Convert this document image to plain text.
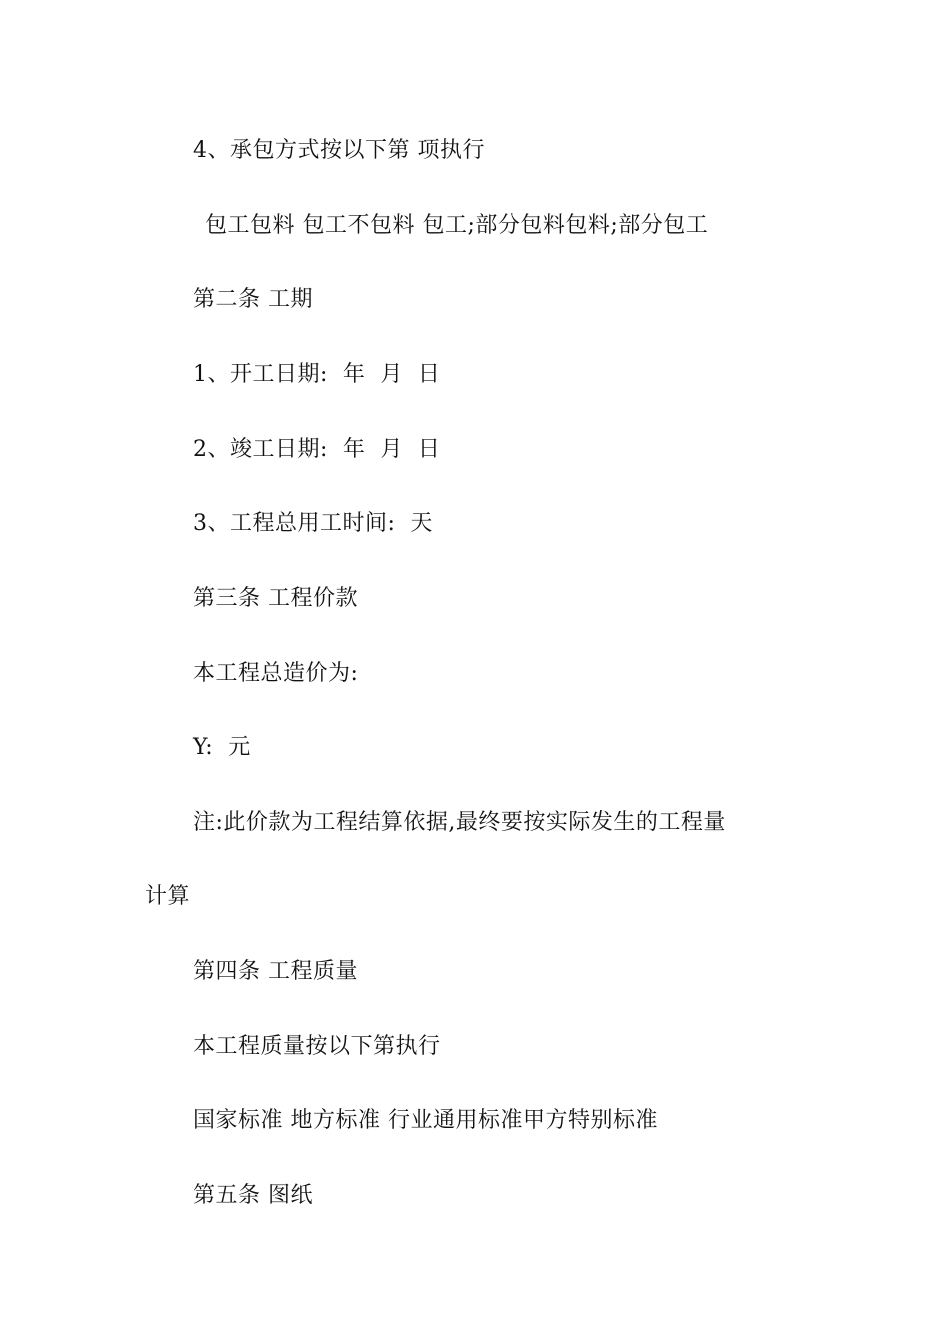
4、承包方式按以下第 项执行
包工包料 包工不包料 包工;部分包料包料;部分包工
第二条 工期
1、开工日期:  年  月  日
2、竣工日期:  年  月  日
3、工程总用工时间:  天
第三条 工程价款
本工程总造价为:
Y:  元
注:此价款为工程结算依据,最终要按实际发生的工程量
计算
第四条 工程质量
本工程质量按以下第执行
国家标准 地方标准 行业通用标准甲方特别标准
第五条 图纸
